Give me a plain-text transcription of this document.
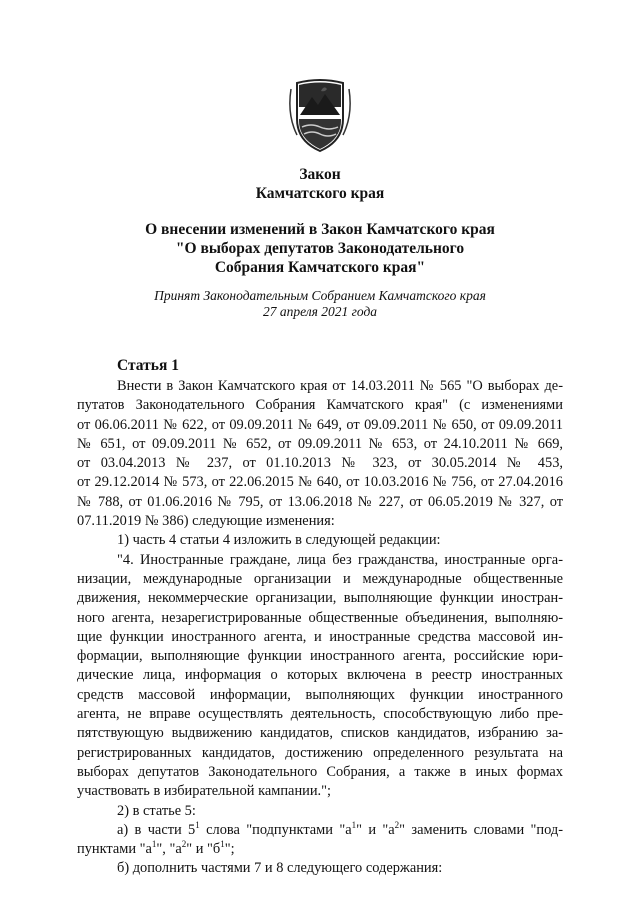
Закон
Камчатского края
О внесении изменений в Закон Камчатского края
"О выборах депутатов Законодательного
Собрания Камчатского края"
Принят Законодательным Собранием Камчатского края
27 апреля 2021 года
Статья 1

Внести в Закон Камчатского края от 14.03.2011 № 565 "О выборах де-
путатов Законодательного Собрания Камчатского края" (с изменениями
от 06.06.2011 № 622, от 09.09.2011 № 649, от 09.09.2011 № 650, от 09.09.2011
№ 651, от 09.09.2011 № 652, от 09.09.2011 № 653, от 24.10.2011 № 669,
от 03.04.2013 № 237, от 01.10.2013 № 323, от 30.05.2014 № 453,
от 29.12.2014 № 573, от 22.06.2015 № 640, от 10.03.2016 № 756, от 27.04.2016
№ 788, от 01.06.2016 № 795, от 13.06.2018 № 227, от 06.05.2019 № 327, от
07.11.2019 № 386) следующие изменения:

1) часть 4 статьи 4 изложить в следующей редакции:

"4. Иностранные граждане, лица без гражданства, иностранные орга-
низации, международные организации и международные общественные
движения, некоммерческие организации, выполняющие функции иностран-
ного агента, незарегистрированные общественные объединения, выполняю-
щие функции иностранного агента, и иностранные средства массовой ин-
формации, выполняющие функции иностранного агента, российские юри-
дические лица, информация о которых включена в реестр иностранных
средств массовой информации, выполняющих функции иностранного
агента, не вправе осуществлять деятельность, способствующую либо пре-
пятствующую выдвижению кандидатов, списков кандидатов, избранию за-
регистрированных кандидатов, достижению определенного результата на
выборах депутатов Законодательного Собрания, а также в иных формах
участвовать в избирательной кампании.";

2) в статье 5:

а) в части $5^1$ слова "подпунктами "$а^1$" и "$а^2$" заменить словами "под-
пунктами "$а^1$", "$а^2$" и "$б^1$";

б) дополнить частями 7 и 8 следующего содержания:
